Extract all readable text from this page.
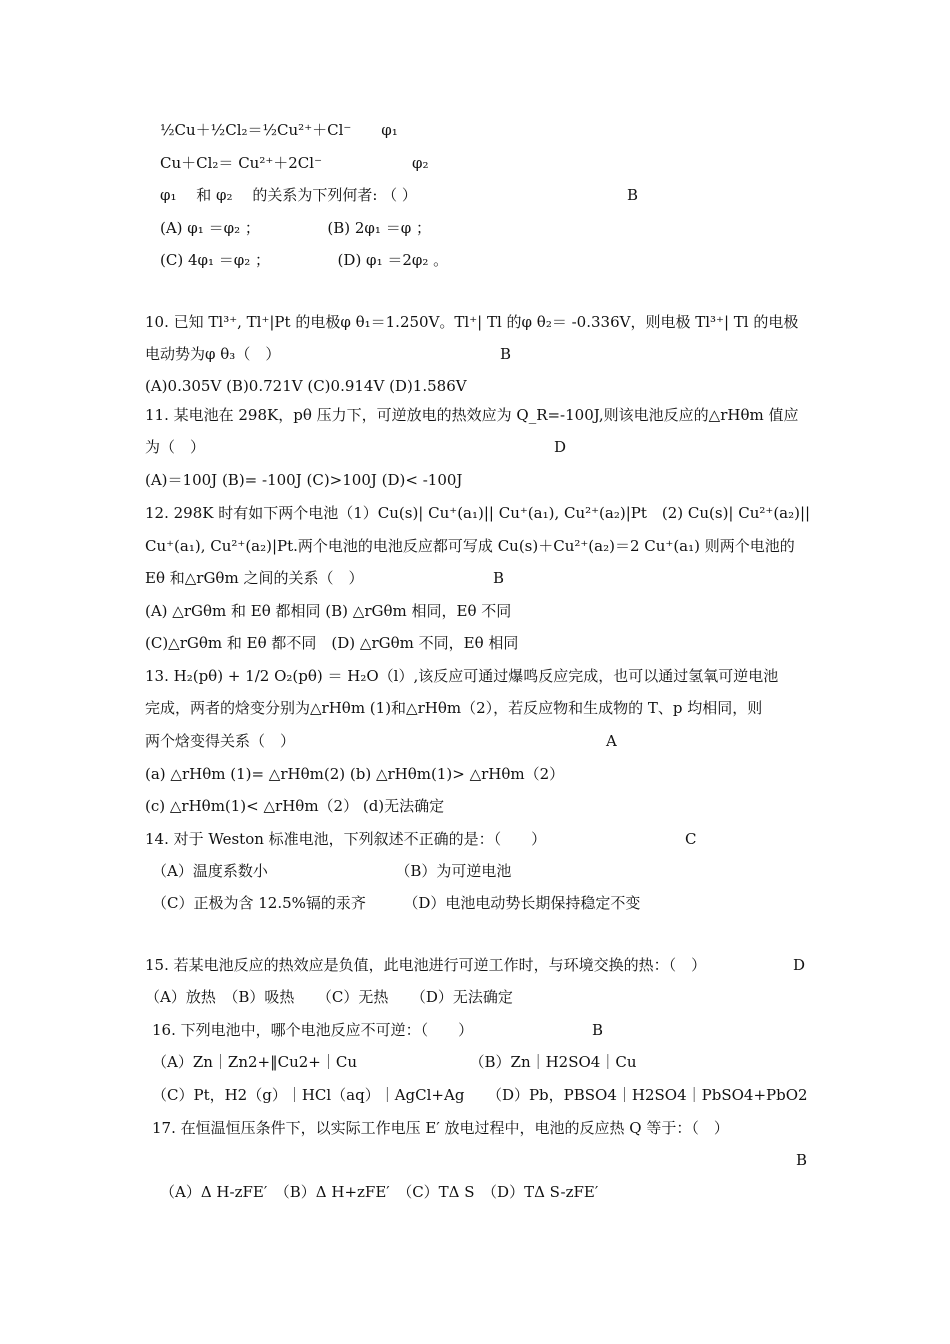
½Cu＋½Cl₂＝½Cu²⁺＋Cl⁻　　φ₁
Cu＋Cl₂＝ Cu²⁺＋2Cl⁻　　　　　　φ₂
φ₁　 和 φ₂　 的关系为下列何者: （ ）	B
(A) φ₁ ＝φ₂ ；　　　　　(B) 2φ₁ ＝φ ；
(C) 4φ₁ ＝φ₂ ；　　　　　(D) φ₁ ＝2φ₂ 。
10. 已知 Tl³⁺, Tl⁺|Pt 的电极φ θ₁＝1.250V。Tl⁺| Tl 的φ θ₂＝ -0.336V，则电极 Tl³⁺| Tl 的电极
电动势为φ θ₃（　）	B
(A)0.305V (B)0.721V (C)0.914V (D)1.586V
11. 某电池在 298K，pθ 压力下，可逆放电的热效应为 Q_R=-100J,则该电池反应的△rHθm 值应
为（　）	D
(A)＝100J (B)= -100J (C)>100J (D)< -100J
12. 298K 时有如下两个电池（1）Cu(s)| Cu⁺(a₁)|| Cu⁺(a₁), Cu²⁺(a₂)|Pt　(2) Cu(s)| Cu²⁺(a₂)||
Cu⁺(a₁), Cu²⁺(a₂)|Pt.两个电池的电池反应都可写成 Cu(s)＋Cu²⁺(a₂)＝2 Cu⁺(a₁) 则两个电池的
Eθ 和△rGθm 之间的关系（　）	B
(A) △rGθm 和 Eθ 都相同 (B) △rGθm 相同，Eθ 不同
(C)△rGθm 和 Eθ 都不同　(D) △rGθm 不同，Eθ 相同
13. H₂(pθ) + 1/2 O₂(pθ) ＝ H₂O（l）,该反应可通过爆鸣反应完成，也可以通过氢氧可逆电池
完成，两者的焓变分别为△rHθm (1)和△rHθm（2），若反应物和生成物的 T、p 均相同，则
两个焓变得关系（　）	A
(a) △rHθm (1)= △rHθm(2) (b) △rHθm(1)> △rHθm（2）
(c) △rHθm(1)< △rHθm（2） (d)无法确定
14. 对于 Weston 标准电池，下列叙述不正确的是：（　　）	C
（A）温度系数小　　　　　　　　　（B）为可逆电池
（C）正极为含 12.5%镉的汞齐　　　（D）电池电动势长期保持稳定不变
15. 若某电池反应的热效应是负值，此电池进行可逆工作时，与环境交换的热：（　）	D
（A）放热　（B）吸热　　（C）无热　　（D）无法确定
16. 下列电池中，哪个电池反应不可逆：（　　）	B
（A）Zn｜Zn2+‖Cu2+｜Cu　　　　　　　　（B）Zn｜H2SO4｜Cu
（C）Pt，H2（g）｜HCl（aq）｜AgCl+Ag　　（D）Pb，PBSO4｜H2SO4｜PbSO4+PbO2
17. 在恒温恒压条件下，以实际工作电压 E′ 放电过程中，电池的反应热 Q 等于：（　）
B
（A）Δ H-zFE′　（B）Δ H+zFE′　（C）TΔ S　（D）TΔ S-zFE′
